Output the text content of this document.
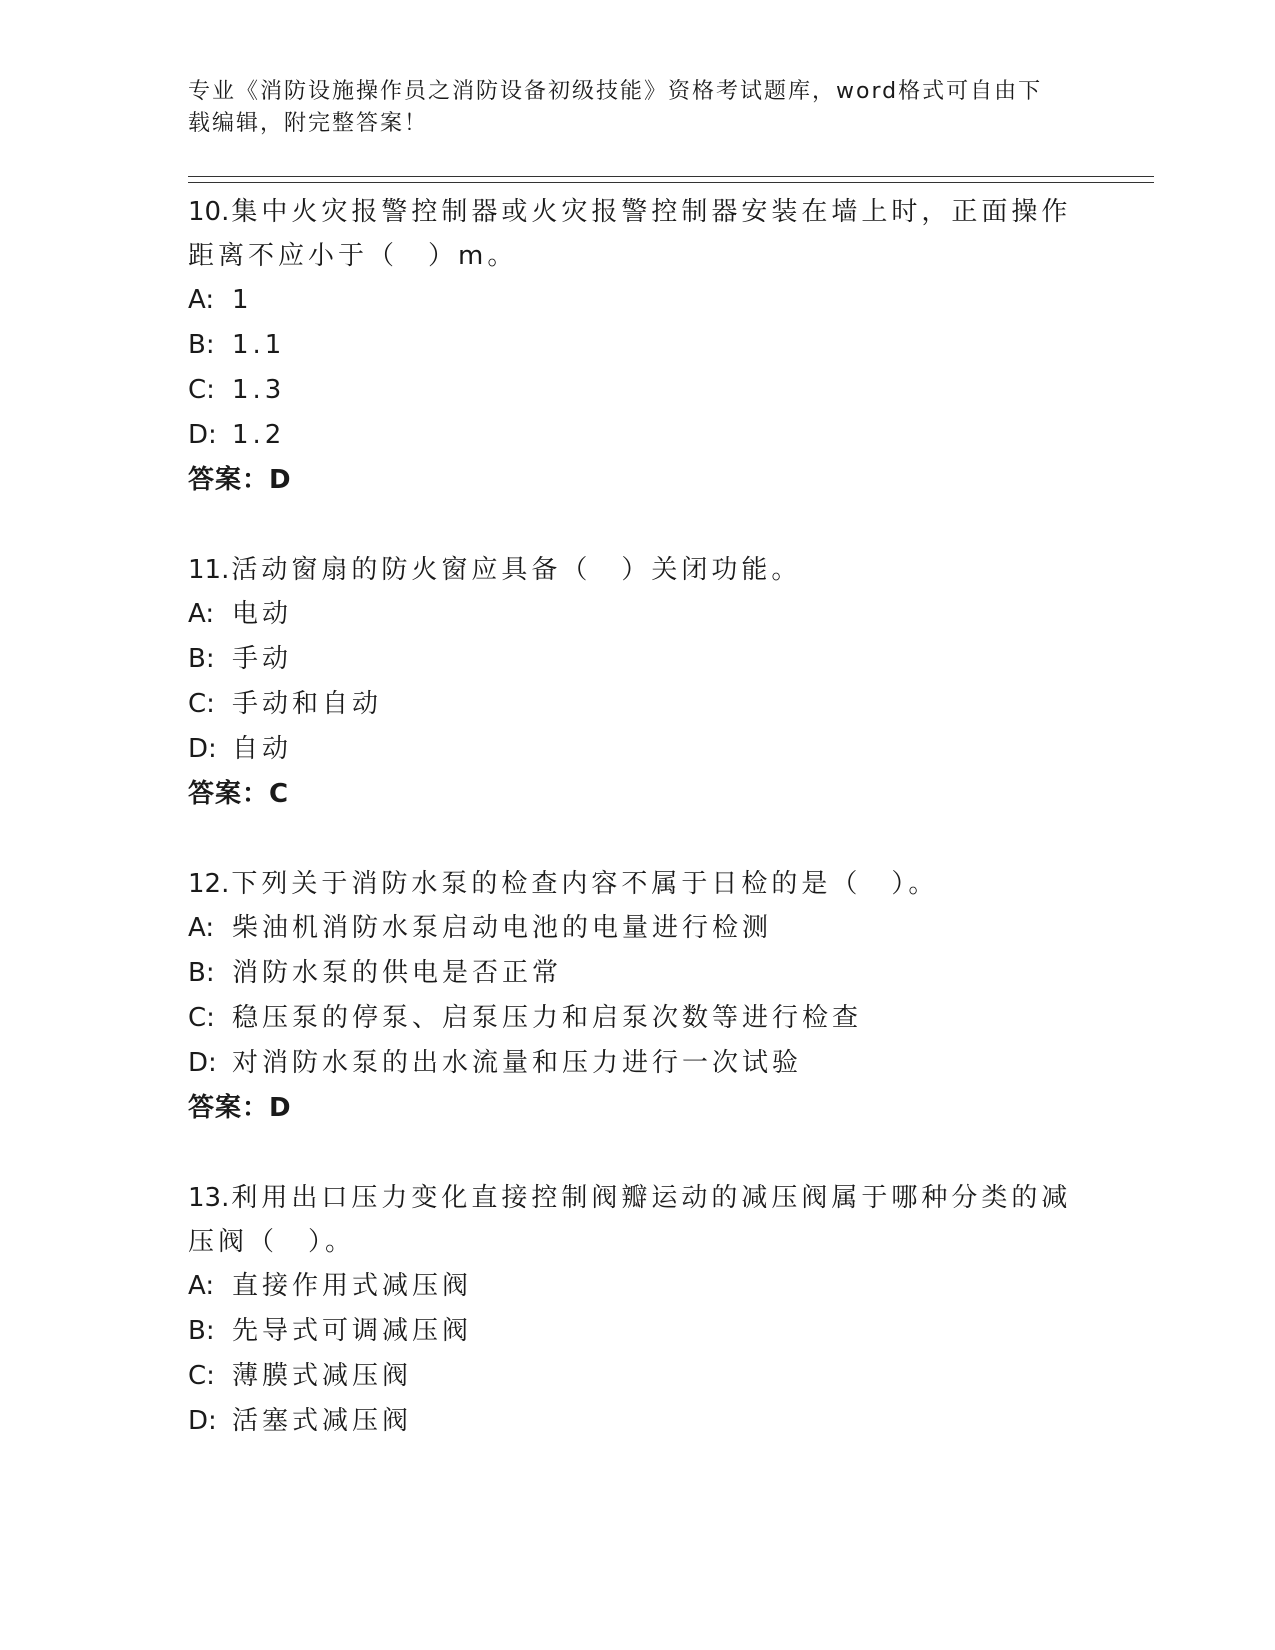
专业《消防设施操作员之消防设备初级技能》资格考试题库，word格式可自由下
载编辑，附完整答案！
10.集中火灾报警控制器或火灾报警控制器安装在墙上时，正面操作距离不应小于（　）m。
A: 1
B: 1.1
C: 1.3
D: 1.2
答案：D
11.活动窗扇的防火窗应具备（　）关闭功能。
A: 电动
B: 手动
C: 手动和自动
D: 自动
答案：C
12.下列关于消防水泵的检查内容不属于日检的是（　）。
A: 柴油机消防水泵启动电池的电量进行检测
B: 消防水泵的供电是否正常
C: 稳压泵的停泵、启泵压力和启泵次数等进行检查
D: 对消防水泵的出水流量和压力进行一次试验
答案：D
13.利用出口压力变化直接控制阀瓣运动的减压阀属于哪种分类的减压阀（　）。
A: 直接作用式减压阀
B: 先导式可调减压阀
C: 薄膜式减压阀
D: 活塞式减压阀
